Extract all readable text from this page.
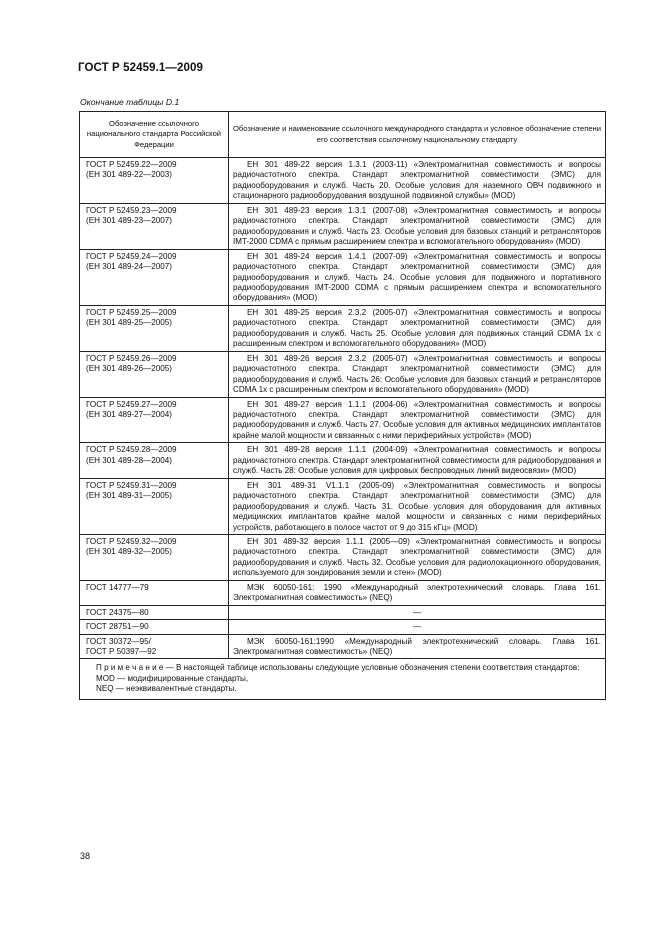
ГОСТ Р 52459.1—2009
Окончание таблицы D.1
Обозначение ссылочного национального стандарта Российской Федерации	Обозначение и наименование ссылочного международного стандарта и условное обозначение степени его соответствия ссылочному национальному стандарту

ГОСТ Р 52459.22—2009
(ЕН 301 489-22—2003)	ЕН 301 489-22 версия 1.3.1 (2003-11) «Электромагнитная совместимость и вопросы радиочастотного спектра. Стандарт электромагнитной совместимости (ЭМС) для радиооборудования и служб. Часть 20. Особые условия для наземного ОВЧ подвижного и стационарного радиооборудования воздушной подвижной службы» (MOD)

ГОСТ Р 52459.23—2009
(ЕН 301 489-23—2007)	ЕН 301 489-23 версия 1.3.1 (2007-08) «Электромагнитная совместимость и вопросы радиочастотного спектра. Стандарт электромагнитной совместимости (ЭМС) для радиооборудования и служб. Часть 23. Особые условия для базовых станций и ретрансляторов IMT-2000 CDMA с прямым расширением спектра и вспомогательного оборудования» (MOD)

ГОСТ Р 52459.24—2009
(ЕН 301 489-24—2007)	ЕН 301 489-24 версия 1.4.1 (2007-09) «Электромагнитная совместимость и вопросы радиочастотного спектра. Стандарт электромагнитной совместимости (ЭМС) для радиооборудования и служб. Часть 24. Особые условия для подвижного и портативного радиооборудования IMT-2000 CDMA с прямым расширением спектра и вспомогательного оборудования» (MOD)

ГОСТ Р 52459.25—2009
(ЕН 301 489-25—2005)	ЕН 301 489-25 версия 2.3.2 (2005-07) «Электромагнитная совместимость и вопросы радиочастотного спектра. Стандарт электромагнитной совместимости (ЭМС) для радиооборудования и служб. Часть 25. Особые условия для подвижных станций CDMA 1х с расширенным спектром и вспомогательного оборудования» (MOD)

ГОСТ Р 52459.26—2009
(ЕН 301 489-26—2005)	ЕН 301 489-26 версия 2.3.2 (2005-07) «Электромагнитная совместимость и вопросы радиочастотного спектра. Стандарт электромагнитной совместимости (ЭМС) для радиооборудования и служб. Часть 26: Особые условия для базовых станций и ретрансляторов CDMA 1х с расширенным спектром и вспомогательного оборудования» (MOD)

ГОСТ Р 52459.27—2009
(ЕН 301 489-27—2004)	ЕН 301 489-27 версия 1.1.1 (2004-06) «Электромагнитная совместимость и вопросы радиочастотного спектра. Стандарт электромагнитной совместимости (ЭМС) для радиооборудования и служб. Часть 27. Особые условия для активных медицинских имплантатов крайне малой мощности и связанных с ними периферийных устройств» (MOD)

ГОСТ Р 52459.28—2009
(ЕН 301 489-28—2004)	ЕН 301 489-28 версия 1.1.1 (2004-09) «Электромагнитная совместимость и вопросы радиочастотного спектра. Стандарт электромагнитной совместимости для радиооборудования и служб. Часть 28: Особые условия для цифровых беспроводных линий видеосвязи» (MOD)

ГОСТ Р 52459.31—2009
(ЕН 301 489-31—2005)	ЕН 301 489-31 V1.1.1 (2005-09) «Электромагнитная совместимость и вопросы радиочастотного спектра. Стандарт электромагнитной совместимости (ЭМС) для радиооборудования и служб. Часть 31. Особые условия для оборудования для активных медицинских имплантатов крайне малой мощности и связанных с ними периферийных устройств, работающего в полосе частот от 9 до 315 кГц» (MOD)

ГОСТ Р 52459.32—2009
(ЕН 301 489-32—2005)	ЕН 301 489-32 версия 1.1.1 (2005—09) «Электромагнитная совместимость и вопросы радиочастотного спектра. Стандарт электромагнитной совместимости (ЭМС) для радиооборудования и служб. Часть 32. Особые условия для радиолокационного оборудования, используемого для зондирования земли и стен» (MOD)

ГОСТ 14777—79	МЭК 60050-161: 1990 «Международный электротехнический словарь. Глава 161. Электромагнитная совместимость» (NEQ)

ГОСТ 24375—80	—

ГОСТ 28751—90	—

ГОСТ 30372—95/
ГОСТ Р 50397—92	МЭК 60050-161:1990 «Международный электротехнический словарь. Глава 161. Электромагнитная совместимость» (NEQ)
П р и м е ч а н и е — В настоящей таблице использованы следующие условные обозначения степени соответствия стандартов:
MOD — модифицированные стандарты,
NEQ — неэквивалентные стандарты.	
38
